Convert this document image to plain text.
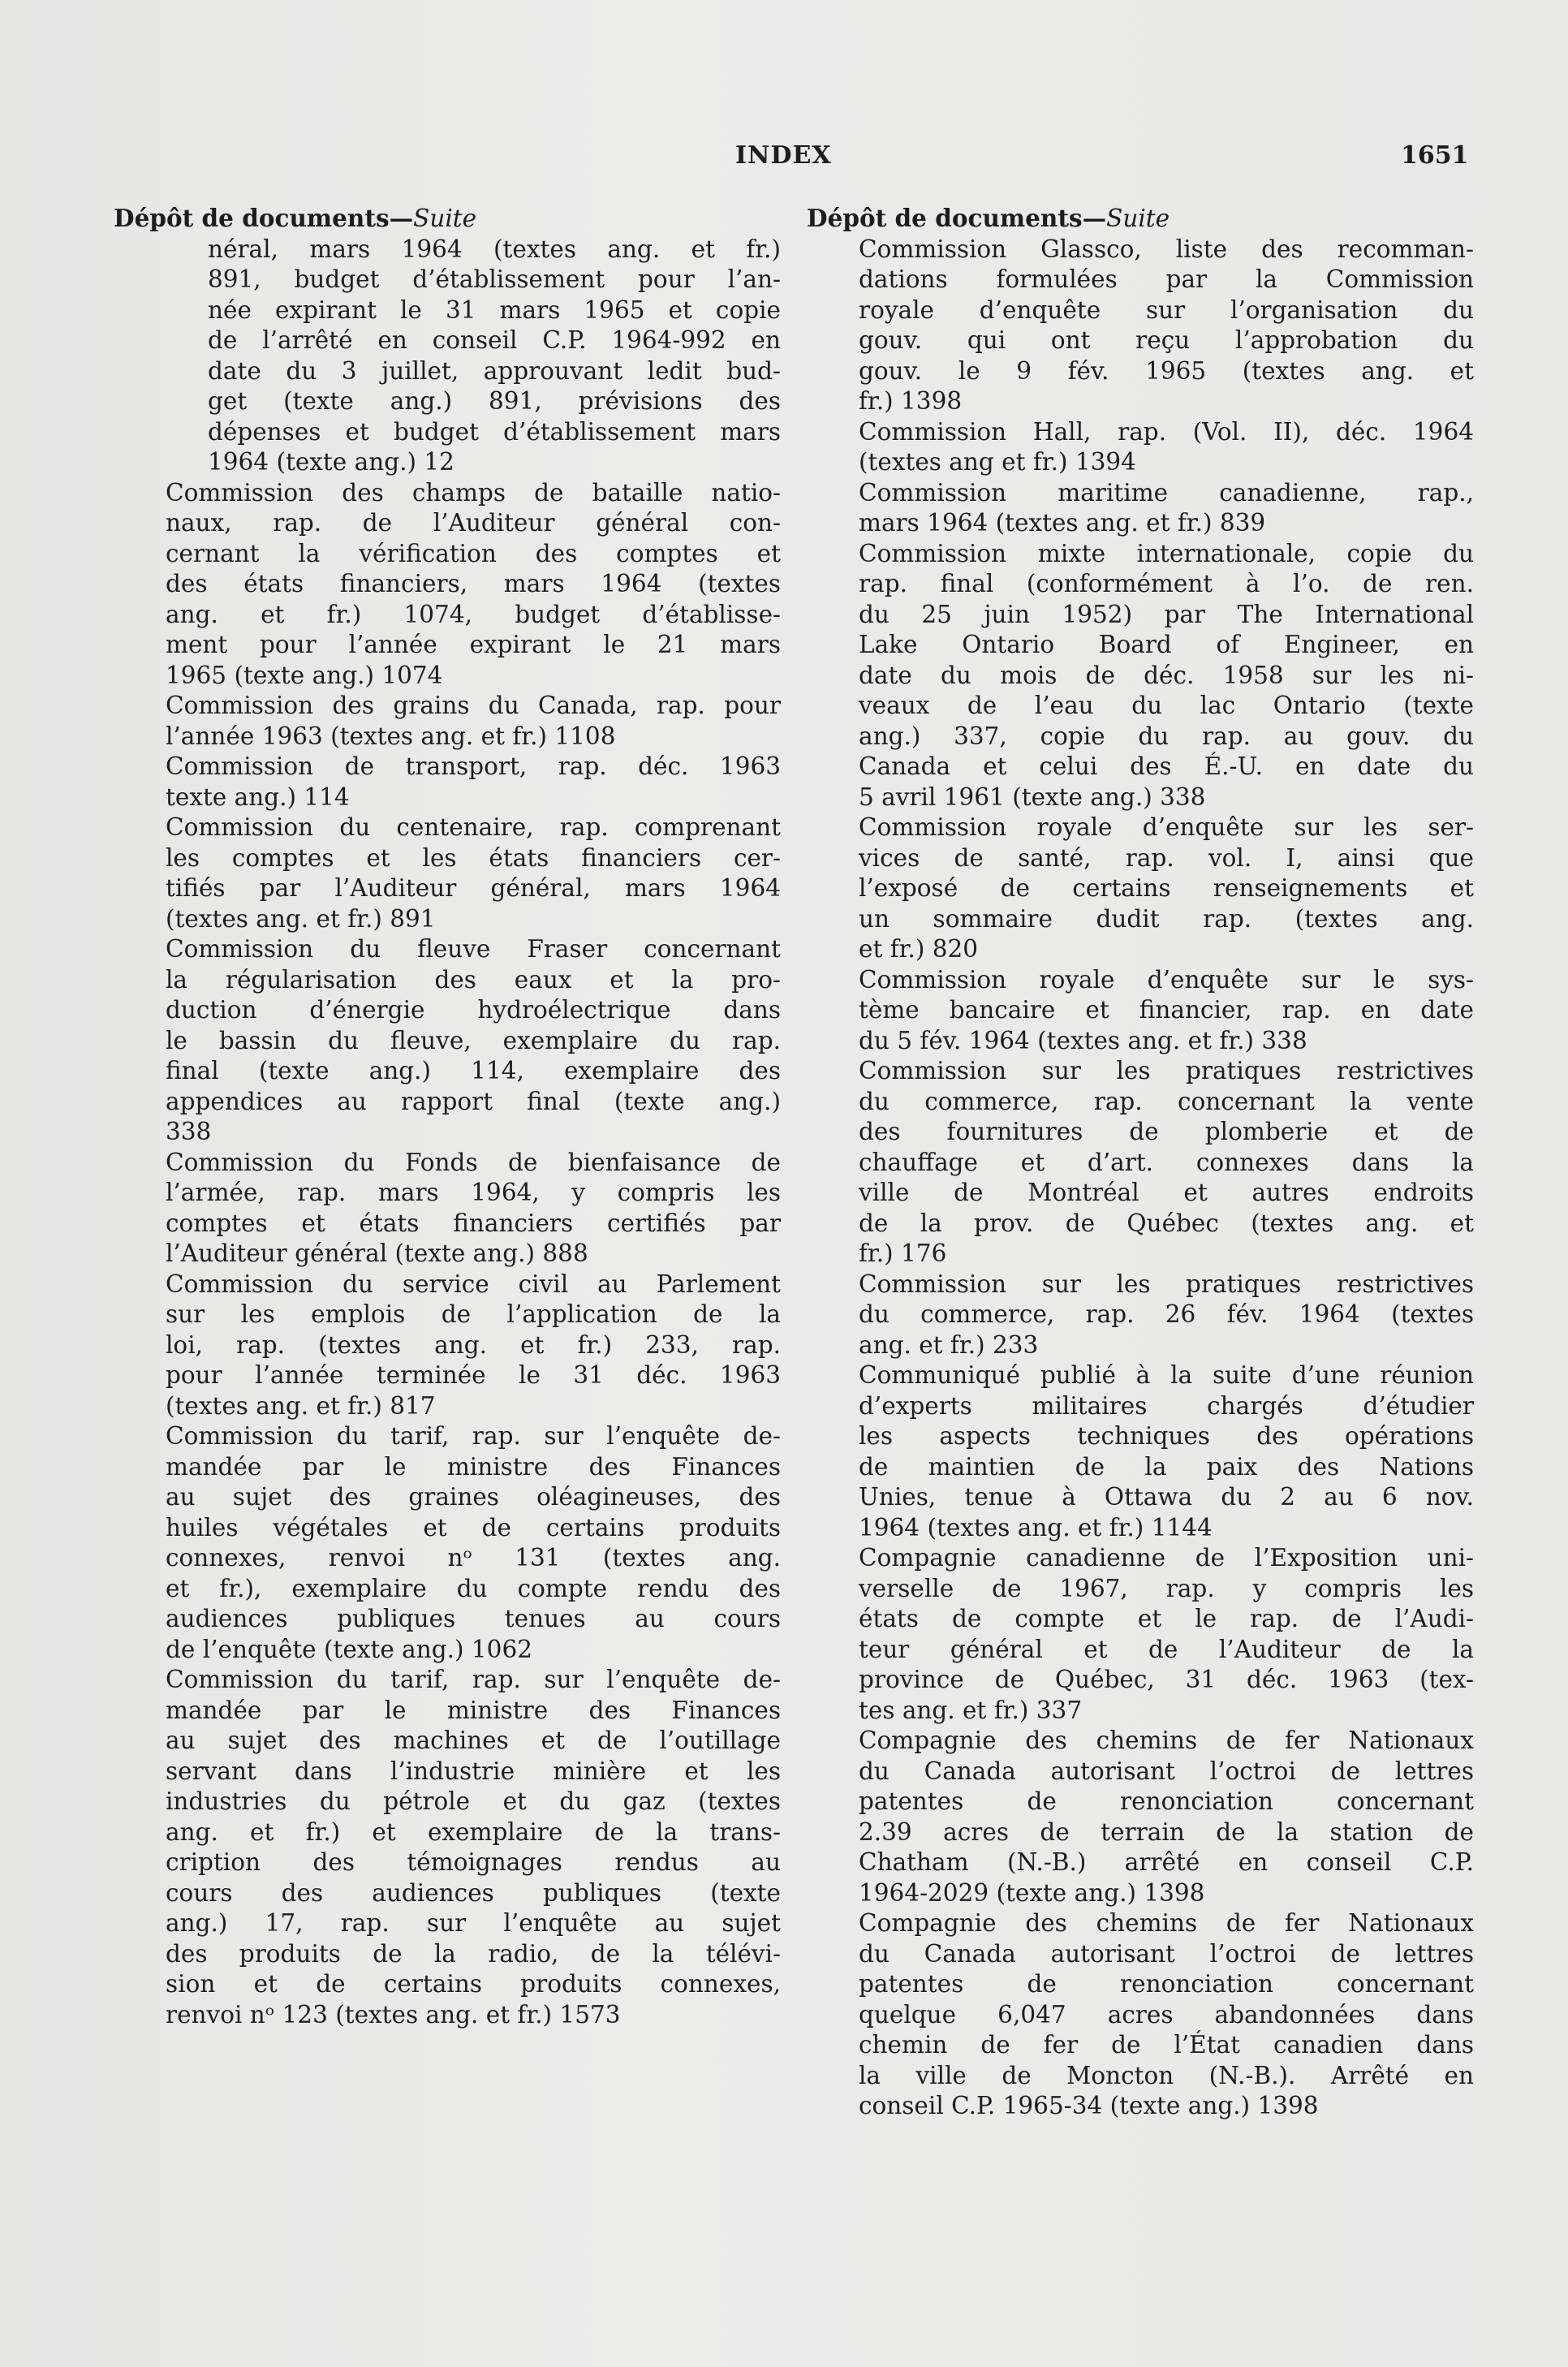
INDEX	1651
Dépôt de documents—Suite
néral, mars 1964 (textes ang. et fr.)
891, budget d’établissement pour l’an-
née expirant le 31 mars 1965 et copie
de l’arrêté en conseil C.P. 1964-992 en
date du 3 juillet, approuvant ledit bud-
get (texte ang.) 891, prévisions des
dépenses et budget d’établissement mars
1964 (texte ang.) 12
Commission des champs de bataille natio-
naux, rap. de l’Auditeur général con-
cernant la vérification des comptes et
des états financiers, mars 1964 (textes
ang. et fr.) 1074, budget d’établisse-
ment pour l’année expirant le 21 mars
1965 (texte ang.) 1074
Commission des grains du Canada, rap. pour
l’année 1963 (textes ang. et fr.) 1108
Commission de transport, rap. déc. 1963
texte ang.) 114
Commission du centenaire, rap. comprenant
les comptes et les états financiers cer-
tifiés par l’Auditeur général, mars 1964
(textes ang. et fr.) 891
Commission du fleuve Fraser concernant
la régularisation des eaux et la pro-
duction d’énergie hydroélectrique dans
le bassin du fleuve, exemplaire du rap.
final (texte ang.) 114, exemplaire des
appendices au rapport final (texte ang.)
338
Commission du Fonds de bienfaisance de
l’armée, rap. mars 1964, y compris les
comptes et états financiers certifiés par
l’Auditeur général (texte ang.) 888
Commission du service civil au Parlement
sur les emplois de l’application de la
loi, rap. (textes ang. et fr.) 233, rap.
pour l’année terminée le 31 déc. 1963
(textes ang. et fr.) 817
Commission du tarif, rap. sur l’enquête de-
mandée par le ministre des Finances
au sujet des graines oléagineuses, des
huiles végétales et de certains produits
connexes, renvoi nᵒ 131 (textes ang.
et fr.), exemplaire du compte rendu des
audiences publiques tenues au cours
de l’enquête (texte ang.) 1062
Commission du tarif, rap. sur l’enquête de-
mandée par le ministre des Finances
au sujet des machines et de l’outillage
servant dans l’industrie minière et les
industries du pétrole et du gaz (textes
ang. et fr.) et exemplaire de la trans-
cription des témoignages rendus au
cours des audiences publiques (texte
ang.) 17, rap. sur l’enquête au sujet
des produits de la radio, de la télévi-
sion et de certains produits connexes,
renvoi nᵒ 123 (textes ang. et fr.) 1573
Dépôt de documents—Suite
Commission Glassco, liste des recomman-
dations formulées par la Commission
royale d’enquête sur l’organisation du
gouv. qui ont reçu l’approbation du
gouv. le 9 fév. 1965 (textes ang. et
fr.) 1398
Commission Hall, rap. (Vol. II), déc. 1964
(textes ang et fr.) 1394
Commission maritime canadienne, rap.,
mars 1964 (textes ang. et fr.) 839
Commission mixte internationale, copie du
rap. final (conformément à l’o. de ren.
du 25 juin 1952) par The International
Lake Ontario Board of Engineer, en
date du mois de déc. 1958 sur les ni-
veaux de l’eau du lac Ontario (texte
ang.) 337, copie du rap. au gouv. du
Canada et celui des É.-U. en date du
5 avril 1961 (texte ang.) 338
Commission royale d’enquête sur les ser-
vices de santé, rap. vol. I, ainsi que
l’exposé de certains renseignements et
un sommaire dudit rap. (textes ang.
et fr.) 820
Commission royale d’enquête sur le sys-
tème bancaire et financier, rap. en date
du 5 fév. 1964 (textes ang. et fr.) 338
Commission sur les pratiques restrictives
du commerce, rap. concernant la vente
des fournitures de plomberie et de
chauffage et d’art. connexes dans la
ville de Montréal et autres endroits
de la prov. de Québec (textes ang. et
fr.) 176
Commission sur les pratiques restrictives
du commerce, rap. 26 fév. 1964 (textes
ang. et fr.) 233
Communiqué publié à la suite d’une réunion
d’experts militaires chargés d’étudier
les aspects techniques des opérations
de maintien de la paix des Nations
Unies, tenue à Ottawa du 2 au 6 nov.
1964 (textes ang. et fr.) 1144
Compagnie canadienne de l’Exposition uni-
verselle de 1967, rap. y compris les
états de compte et le rap. de l’Audi-
teur général et de l’Auditeur de la
province de Québec, 31 déc. 1963 (tex-
tes ang. et fr.) 337
Compagnie des chemins de fer Nationaux
du Canada autorisant l’octroi de lettres
patentes de renonciation concernant
2.39 acres de terrain de la station de
Chatham (N.-B.) arrêté en conseil C.P.
1964-2029 (texte ang.) 1398
Compagnie des chemins de fer Nationaux
du Canada autorisant l’octroi de lettres
patentes de renonciation concernant
quelque 6,047 acres abandonnées dans
chemin de fer de l’État canadien dans
la ville de Moncton (N.-B.). Arrêté en
conseil C.P. 1965-34 (texte ang.) 1398
